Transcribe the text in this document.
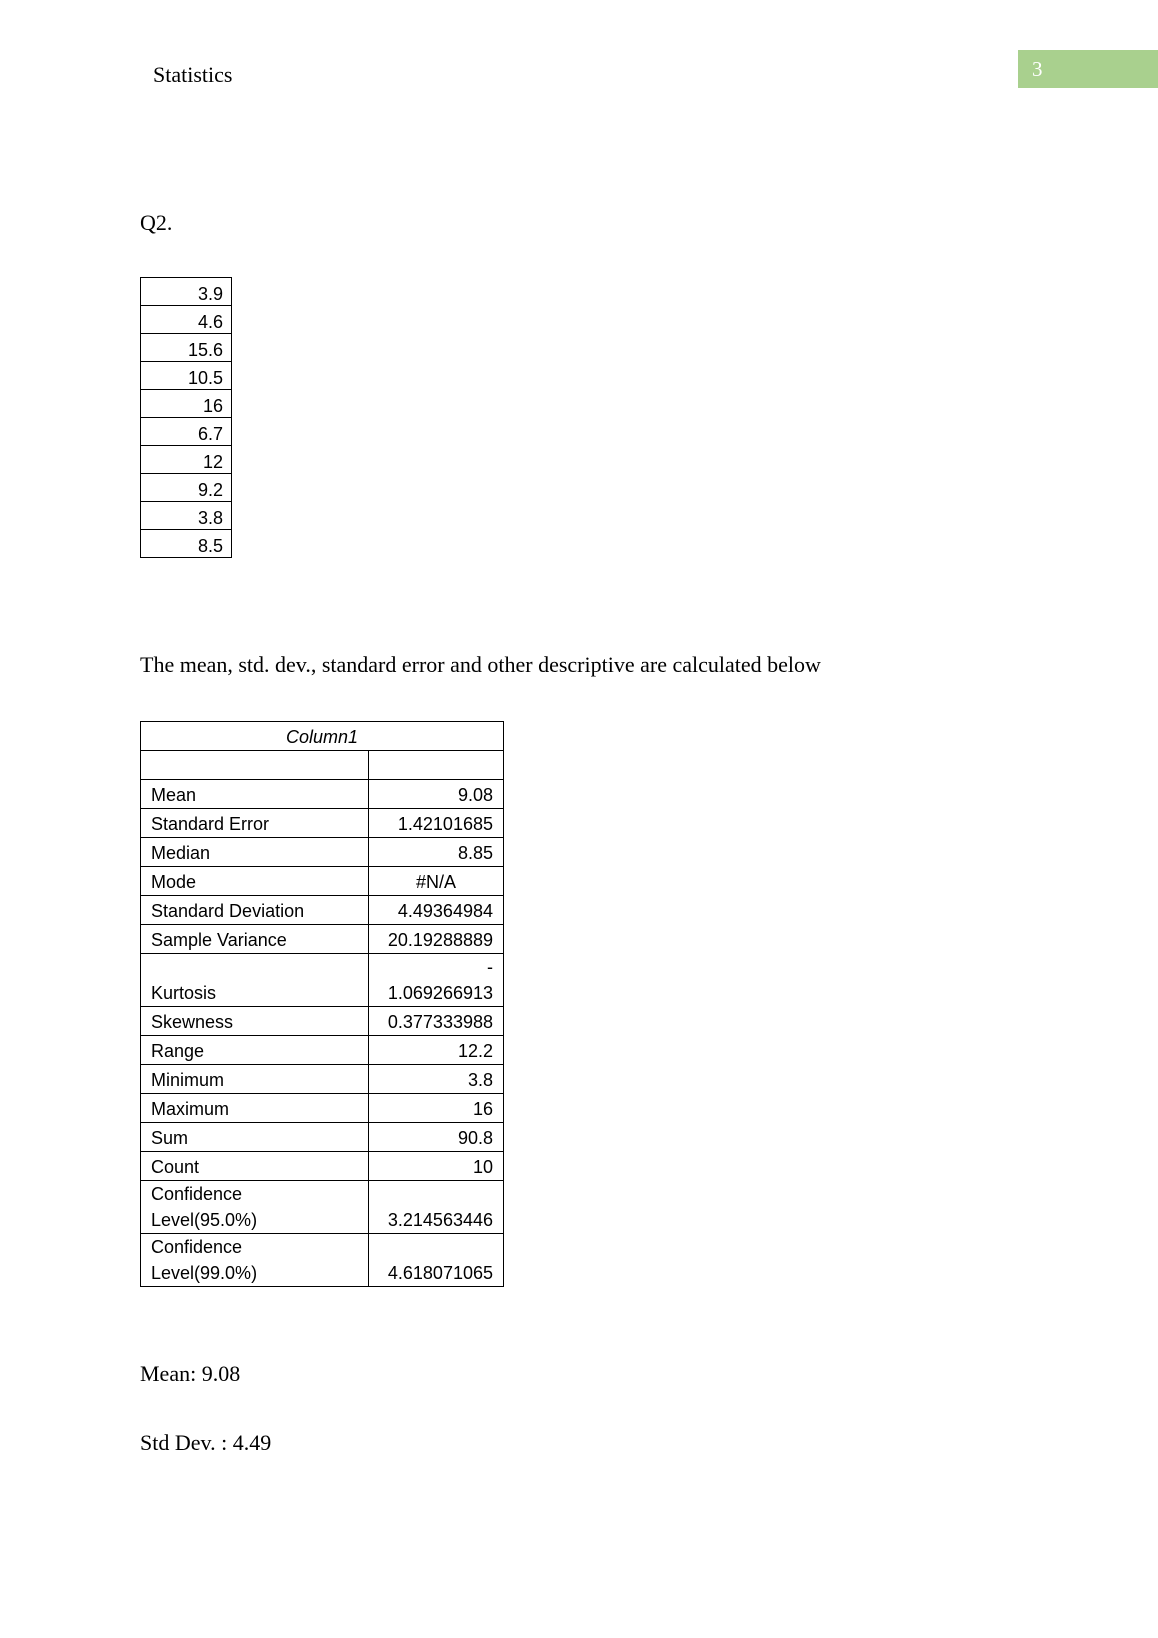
Statistics	3
Q2.
3.9
4.6
15.6
10.5
16
6.7
12
9.2
3.8
8.5
The mean, std. dev., standard error and other descriptive are calculated below
Column1	

Mean	9.08
Standard Error	1.42101685
Median	8.85
Mode	#N/A
Standard Deviation	4.49364984
Sample Variance	20.19288889
Kurtosis	-
1.069266913

Skewness	0.377333988
Range	12.2
Minimum	3.8
Maximum	16
Sum	90.8
Count	10

Confidence
Level(95.0%)	3.214563446

Confidence
Level(99.0%)	4.618071065
Mean: 9.08
Std Dev. : 4.49
